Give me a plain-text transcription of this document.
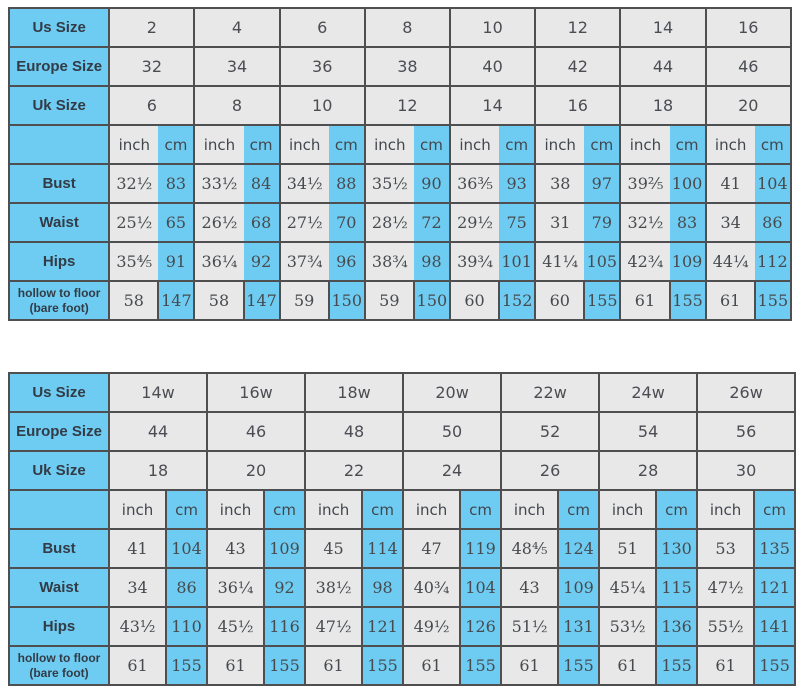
Us Size	2		4		6		8		10		12		14		16	
Europe Size	32		34		36		38		40		42		44		46	
Uk Size	6		8		10		12		14		16		18		20	
	inch	cm	inch	cm	inch	cm	inch	cm	inch	cm	inch	cm	inch	cm	inch	cm
Bust	32½	83	33½	84	34½	88	35½	90	36³⁄₅	93	38	97	39²⁄₅	100	41	104
Waist	25½	65	26½	68	27½	70	28½	72	29½	75	31	79	32½	83	34	86
Hips	35⁴⁄₅	91	36¼	92	37¾	96	38¾	98	39¾	101	41¼	105	42¾	109	44¼	112

hollow to floor
(bare foot)	58	147	58	147	59	150	59	150	60	152	60	155	61	155	61	155
Us Size	14w		16w		18w		20w		22w		24w		26w	
Europe Size	44		46		48		50		52		54		56	
Uk Size	18		20		22		24		26		28		30	
	inch	cm	inch	cm	inch	cm	inch	cm	inch	cm	inch	cm	inch	cm
Bust	41	104	43	109	45	114	47	119	48⁴⁄₅	124	51	130	53	135
Waist	34	86	36¼	92	38½	98	40¾	104	43	109	45¼	115	47½	121
Hips	43¹⁄₂	110	45½	116	47½	121	49½	126	51½	131	53½	136	55½	141

hollow to floor
(bare foot)	61	155	61	155	61	155	61	155	61	155	61	155	61	155
